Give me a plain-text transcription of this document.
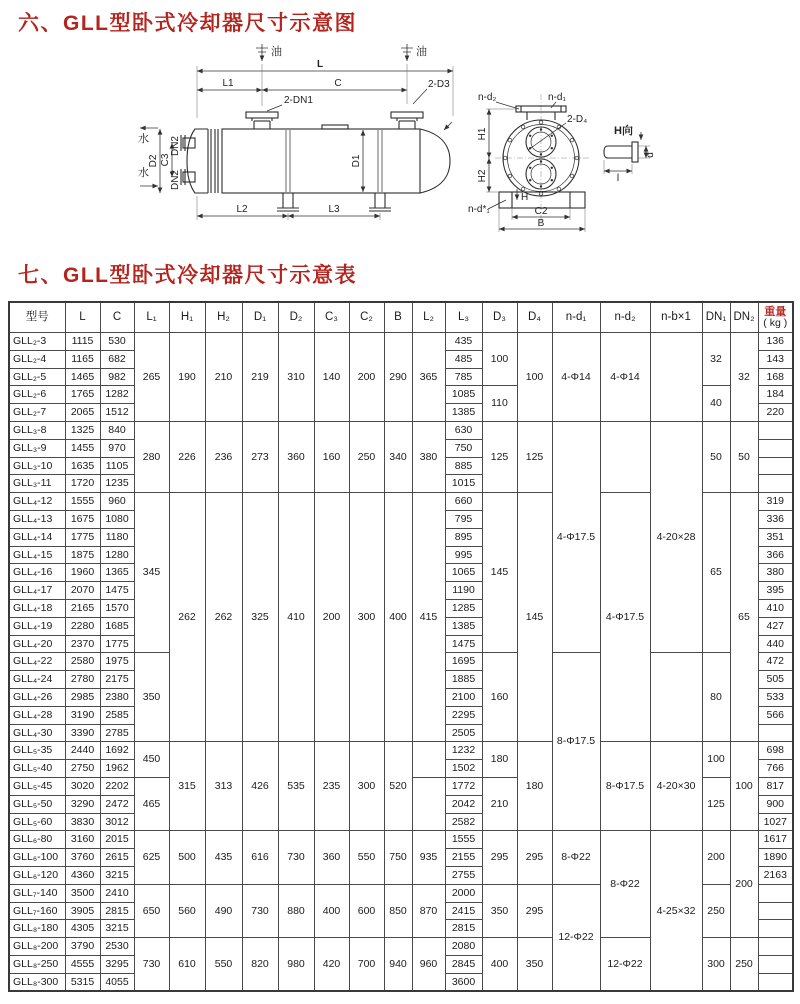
六、GLL型卧式冷却器尺寸示意图
七、GLL型卧式冷却器尺寸示意表
油	油
L
L1	C
2-DN1
2-D3
水
水
D2 C3
DN2
DN2
D1
L2	L3
n-d₂	n-d₁
2-D₄
n-d*₁
H1
H2
H
C2
B
H向
d
l
型号	L	C	L₁	H₁	H₂	D₁	D₂	C₃	C₂	B	L₂	L₃	D₃	D₄	n-d₁	n-d₂	n-b×1	DN₁	DN₂	重量
( kg )

GLL₂-3	1115	530	265	190	210	219	310	140	200	290	365	435	100	100	4-Φ14	4-Φ14		32	32	136
GLL₂-4	1165	682										485								143
GLL₂-5	1465	982										785								168
GLL₂-6	1765	1282										1085	110					40		184
GLL₂-7	2065	1512										1385								220
GLL₃-8	1325	840	280	226	236	273	360	160	250	340	380	630	125	125	4-Φ17.5		4-20×28	50	50	
GLL₃-9	1455	970										750								
GLL₃-10	1635	1105										885								
GLL₃-11	1720	1235										1015								
GLL₄-12	1555	960	345	262	262	325	410	200	300	400	415	660	145	145		4-Φ17.5		65	65	319
GLL₄-13	1675	1080										795								336
GLL₄-14	1775	1180										895								351
GLL₄-15	1875	1280										995								366
GLL₄-16	1960	1365										1065								380
GLL₄-17	2070	1475										1190								395
GLL₄-18	2165	1570										1285								410
GLL₄-19	2280	1685										1385								427
GLL₄-20	2370	1775										1475								440
GLL₄-22	2580	1975	350									1695	160		8-Φ17.5			80		472
GLL₄-24	2780	2175										1885								505
GLL₄-26	2985	2380										2100								533
GLL₄-28	3190	2585										2295								566
GLL₄-30	3390	2785										2505								
GLL₅-35	2440	1692	450	315	313	426	535	235	300	520		1232	180	180		8-Φ17.5	4-20×30	100	100	698
GLL₅-40	2750	1962										1502								766
GLL₅-45	3020	2202	465									1772	210					125		817
GLL₅-50	3290	2472										2042								900
GLL₅-60	3830	3012										2582								1027
GLL₆-80	3160	2015	625	500	435	616	730	360	550	750	935	1555	295	295	8-Φ22	8-Φ22	4-25×32	200	200	1617
GLL₆-100	3760	2615										2155								1890
GLL₆-120	4360	3215										2755								2163
GLL₇-140	3500	2410	650	560	490	730	880	400	600	850	870	2000	350	295	12-Φ22			250		
GLL₇-160	3905	2815										2415								
GLL₈-180	4305	3215										2815								
GLL₈-200	3790	2530	730	610	550	820	980	420	700	940	960	2080	400	350		12-Φ22		300	250	
GLL₈-250	4555	3295										2845								
GLL₈-300	5315	4055										3600								
